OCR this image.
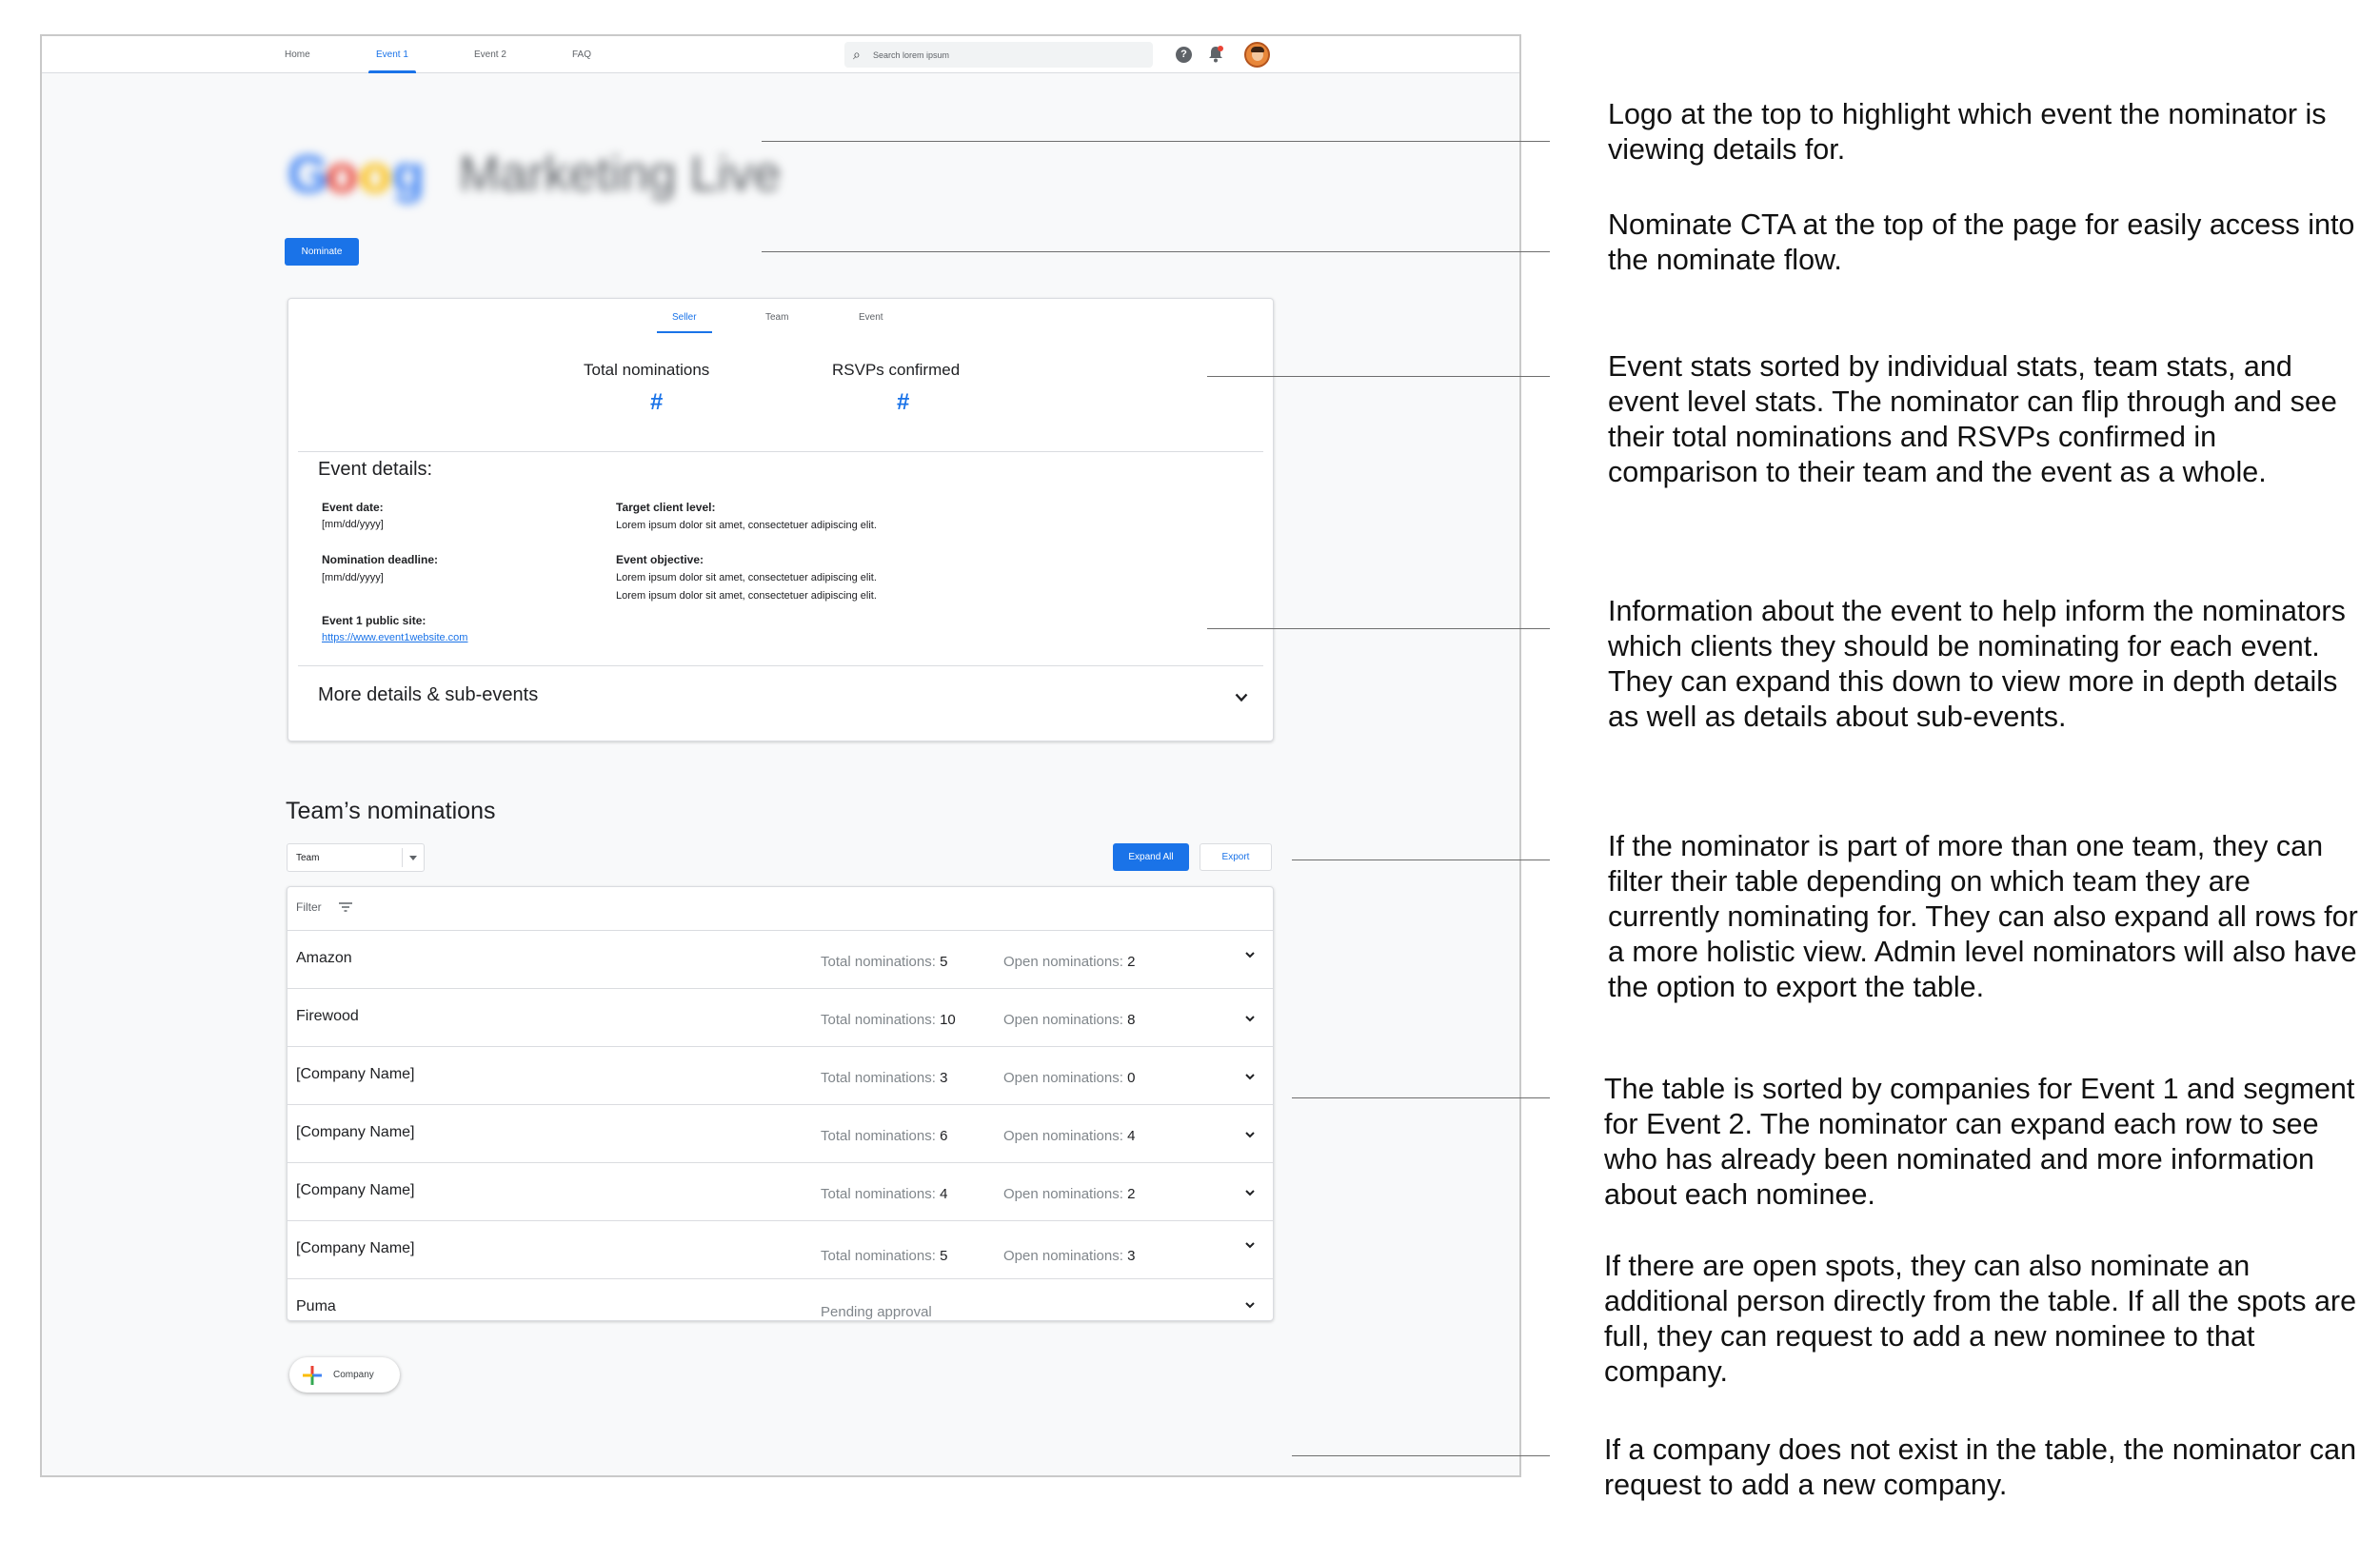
Home	Event 1	Event 2	FAQ	⌕
Search lorem ipsum	?
G
o o g Marketing Live
Nominate
Seller	Team	Event
Total nominations
#
RSVPs confirmed
#
Event details:
Event date:
[mm/dd/yyyy]
Nomination deadline:
[mm/dd/yyyy]
Event 1 public site:
https://www.event1website.com
Target client level:
Lorem ipsum dolor sit amet, consectetuer adipiscing elit.
Event objective:
Lorem ipsum dolor sit amet, consectetuer adipiscing elit.
Lorem ipsum dolor sit amet, consectetuer adipiscing elit.
More details & sub-events
Team’s nominations
Team	Expand All	Export
Filter
Amazon	Total nominations: 5	Open nominations: 2
Firewood	Total nominations: 10	Open nominations: 8
[Company Name]	Total nominations: 3	Open nominations: 0
[Company Name]	Total nominations: 6	Open nominations: 4
[Company Name]	Total nominations: 4	Open nominations: 2
[Company Name]	Total nominations: 5	Open nominations: 3
Puma	Pending approval
Company
Logo at the top to highlight which event the nominator is viewing details for.
Nominate CTA at the top of the page for easily access into the nominate flow.
Event stats sorted by individual stats, team stats, and event level stats. The nominator can flip through and see their total nominations and RSVPs confirmed in comparison to their team and the event as a whole.
Information about the event to help inform the nominators which clients they should be nominating for each event. They can expand this down to view more in depth details as well as details about sub-events.
If the nominator is part of more than one team, they can filter their table depending on which team they are currently nominating for. They can also expand all rows for a more holistic view. Admin level nominators will also have the option to export the table.
The table is sorted by companies for Event 1 and segment for Event 2. The nominator can expand each row to see who has already been nominated and more information about each nominee.
If there are open spots, they can also nominate an additional person directly from the table. If all the spots are full, they can request to add a new nominee to that company.
If a company does not exist in the table, the nominator can request to add a new company.
